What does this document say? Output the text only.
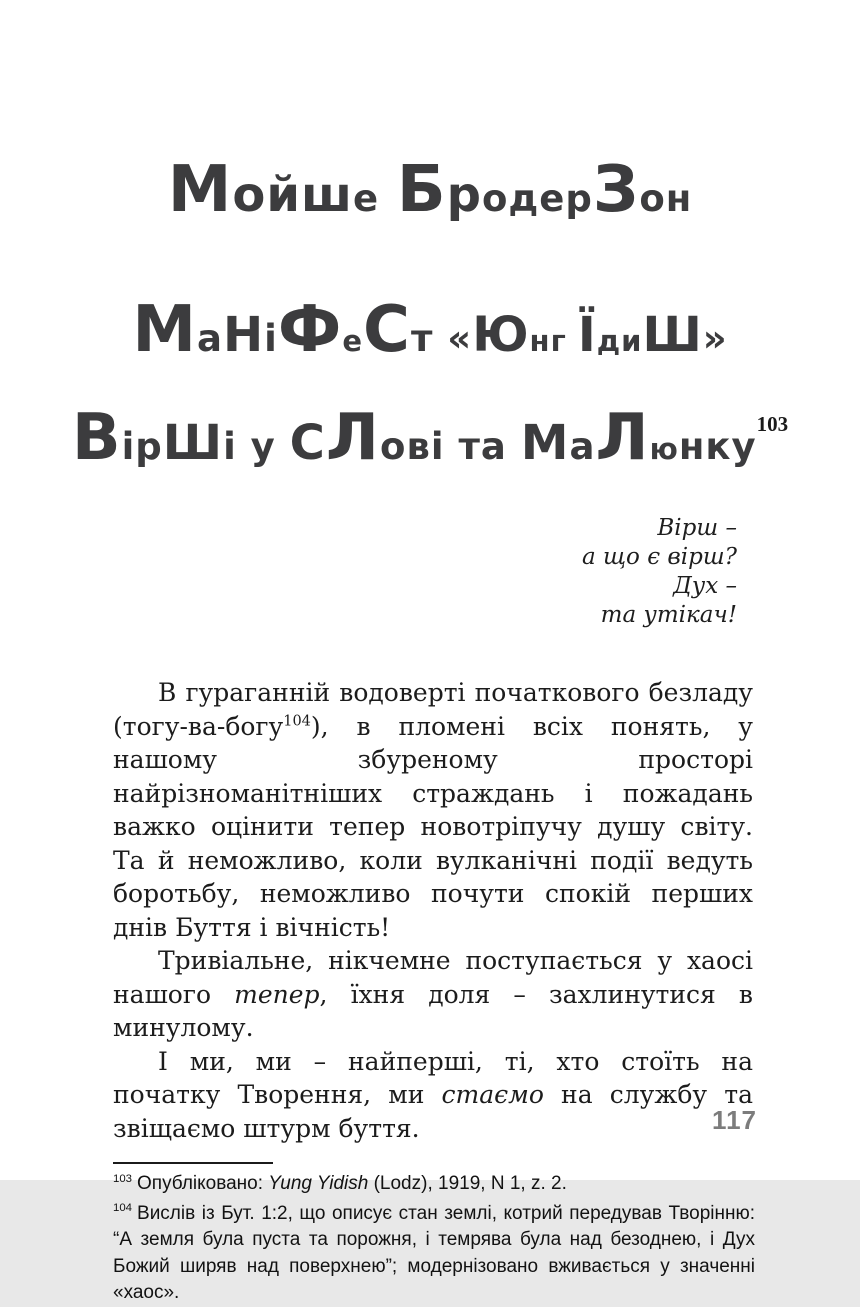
Мойше БродерЗон
МаНіФеСт «Юнг ЇдиШ»
ВірШі у СЛові та МаЛюнку103
Вірш –
а що є вірш?
Дух –
та утікач!

В гураганній водоверті початкового безладу (тогу-ва-богу$^{104}$), в пломені всіх понять, у нашому збуреному просторі найрізноманітніших страждань і пожадань важко оцінити тепер новотріпучу душу світу. Та й неможливо, коли вулканічні події ведуть боротьбу, неможливо почути спокій перших днів Буття і вічність!

Тривіальне, нікчемне поступається у хаосі нашого тепер, їхня доля – захлинутися в минулому.

І ми, ми – найперші, ті, хто стоїть на початку Творення, ми стаємо на службу та звіщаємо штурм буття.

$^{103}$ Опубліковано: Yung Yidish (Lodz), 1919, N 1, z. 2.

$^{104}$ Вислів із Бут. 1:2, що описує стан землі, котрий передував Творінню: “А земля була пуста та порожня, і темрява була над безоднею, і Дух Божий ширяв над поверхнею”; модернізовано вживається у значенні «хаос».

117
